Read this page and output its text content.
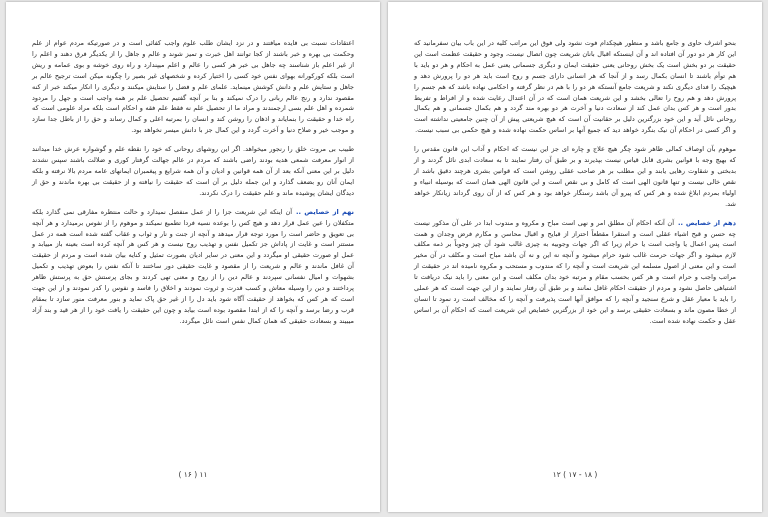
اعتقادات نسبت بی فایده میافتند و در نزد ایشان طلب علوم واجب کفائی است و در صورتیکه مردم عوام از علم وحکمت بی بهره و خبر باشند از کجا توانند اهل خبرت و تمیز شوند و عالم و جاهل را از یکدیگر فرق دهند و اعلم را از غیر اعلم باز شناسند چه جاهل بی خبر هر کسی را عالم و اعلم میپندارد و راه روی خوشه و بوی عمامه و ریش است بلکه کورکورانه بهوای نفس خود کسی را اختیار کرده و شخصهای غیر بصیر را چگونه میکن است ترجیح عالم بر جاهل و ستایش علم و دانش کوشش مینماید. علمای علم و فضل را ستایش میکنند و دیگری را انکار میکند خبر از کنه مقصود ندارد و رنج عالم ربانی را درک نمیکند و بنا بر آنچه گفتیم تحصیل علم بر همه واجب است و جهل را مردود شمرده و اهل علم بسی ارجمندند و مراد ما از تحصیل علم نه فقط علم فقه و احکام است بلکه مراد علومی است که راه خدا و حقیقت را بنمایاند و اذهان را روشن کند و انسان را بمرتبه اعلی و کمال رساند و حق را از باطل جدا سازد و موجب خیر و صلاح دنیا و آخرت گردد و این کمال جز با دانش میسر نخواهد بود.

طبیب بی مروت خلق را رنجور میخواهد. اگر این روشهای روحانی که خود را نقطه علم و گوشواره عرش خدا میدانند از انوار معرفت شمعی هدیه بودند راضی باشند که مردم در عالم جهالت گرفتار کوری و ضلالت باشند سپس نشدند دلیل بر این معنی آنکه بعد از آن همه قوانین و ادیان و آن همه شرایع و پیغمبران ایمانهای عامه مردم بالا نرفته و بلکه ایمان آنان رو بضعف گذارد و این جمله دلیل بر آن است که حقیقت را نیافته و از حقیقت بی بهره ماندند و حق از دیدگان ایشان پوشیده ماند و علم حقیقت را درک نکردند.

نهم از خصایص ..آن اینکه این شریعت جزا را از عمل منفصل نمیدارد و حالت منتظره مفارقی نمی گذارد بلکه متکفلان را عین عمل قرار دهد و هیچ کس را بوعده نسیه فردا تطمیع نمیکند و موهوم را از نفوس برمیدارد و هر آنچه بی تعویق و حاضر است را مورد توجه قرار میدهد و آنچه از جنت و نار و ثواب و عقاب گفته شده است همه در عمل مستتر است و غایت از پاداش جز تکمیل نفس و تهذیب روح نیست و هر کس هر آنچه کرده است بعینه باز مییابد و عمل او صورت حقیقی او میگردد و این معنی در سایر ادیان بصورت تمثیل و کنایه بیان شده است و مردم از حقیقت آن غافل ماندند و عالم و شریعت را از مقصود و غایت حقیقی دور ساختند تا آنکه نفس را بعوض تهذیب و تکمیل بشهوات و امیال نفسانی سپردند و عالم دین را از روح و معنی تهی کردند و بجای پرستش حق به پرستش ظاهر پرداختند و دین را وسیله معاش و کسب قدرت و ثروت نمودند و اخلاق را فاسد و نفوس را کدر نمودند و از این جهت است که هر کس که بخواهد از حقیقت آگاه شود باید دل را از غیر حق پاک نماید و بنور معرفت منور سازد تا بمقام قرب و رضا برسد و آنچه را که از ابتدا مقصود بوده است بیابد و چون این حقیقت را یافت خود را از هر قید و بند آزاد میبیند و بسعادت حقیقی که همان کمال نفس است نائل میگردد.

( ۱۶ ) ۱۱

بنحو اشرف حاوی و جامع باشد و منظور هیچکدام فوت نشود ولی فوق این مراتب کلیه در این باب بیان سفرمانید که این کار هر دو دور آن افتاده اند و آن اینستکه اقبال بانان شریعت چون اتصال نیست، وجود و حقیقت عظمت است این حقیقت بر دو بخش است یک بخش روحانی یعنی حقیقت ایمان و دیگری جسمانی یعنی عمل به احکام و هر دو باید با هم توأم باشند تا انسان بکمال رسد و از آنجا که هر انسانی دارای جسم و روح است باید هر دو را پرورش دهد و هیچیک را فدای دیگری نکند و شریعت جامع آنستکه هر دو را با هم در نظر گرفته و احکامی نهاده باشد که هم جسم را پرورش دهد و هم روح را تعالی بخشد و این شریعت همان است که در آن اعتدال رعایت شده و از افراط و تفریط بدور است و هر کس بدان عمل کند از سعادت دنیا و آخرت هر دو بهره مند گردد و هم بکمال جسمانی و هم بکمال روحانی نائل آید و این خود بزرگترین دلیل بر حقانیت آن است که هیچ شریعتی پیش از آن چنین جامعیتی نداشته است و اگر کسی در احکام آن نیک بنگرد خواهد دید که جمیع آنها بر اساس حکمت نهاده شده و هیچ حکمی بی سبب نیست.

موهوم بآن اوصاف کمالی ظاهر شود چگر هیچ علاج و چاره ای جز این نیست که احکام و آداب این قانون مقدس را که بهیچ وجه با قوانین بشری قابل قیاس نیست بپذیرند و بر طبق آن رفتار نمایند تا به سعادت ابدی نائل گردند و از بدبختی و شقاوت رهایی یابند و این مطلب بر هر صاحب عقلی روشن است که قوانین بشری هرچند دقیق باشد از نقص خالی نیست و تنها قانون الهی است که کامل و بی نقص است و این قانون الهی همان است که بوسیله انبیاء و اولیاء بمردم ابلاغ شده و هر کس که پیرو آن باشد رستگار خواهد بود و هر کس که از آن روی گرداند زیانکار خواهد شد.

دهم از خصایص ..آن آنکه احکام آن مطلق امر و نهی است مباح و مکروه و مندوب ابدا در علی آن مذکور نیست چه حسن و قبح اشیاء عقلی است و استقرا مقطعاً احتراز از قبایح و اقبال محاسن و مکارم فرض وجدان و همت است پس اعمال یا واجب است یا حرام زیرا که اگر جهات وجوبیه به چیزی غالب شود آن چیز وجوباً بر ذمه مکلف لازم میشود و اگر جهات حرمت غالب شود حرام میشود و آنچه نه این و نه آن باشد مباح است و مکلف در آن مخیر است و این معنی از اصول مسلمه این شریعت است و آنچه را که مندوب و مستحب و مکروه نامیده اند در حقیقت از مراتب واجب و حرام است و هر کس بحسب مقام و مرتبه خود بدان مکلف است و این معنی را باید نیک دریافت تا اشتباهی حاصل نشود و مردم از حقیقت احکام غافل نمانند و بر طبق آن رفتار نمایند و از این جهت است که هر عملی را باید با معیار عقل و شرع سنجید و آنچه را که موافق آنها است پذیرفت و آنچه را که مخالف است رد نمود تا انسان از خطا مصون ماند و بسعادت حقیقی برسد و این خود از بزرگترین خصایص این شریعت است که احکام آن بر اساس عقل و حکمت نهاده شده است.

۱۲ ( ۱۷ - ۱۸ )
